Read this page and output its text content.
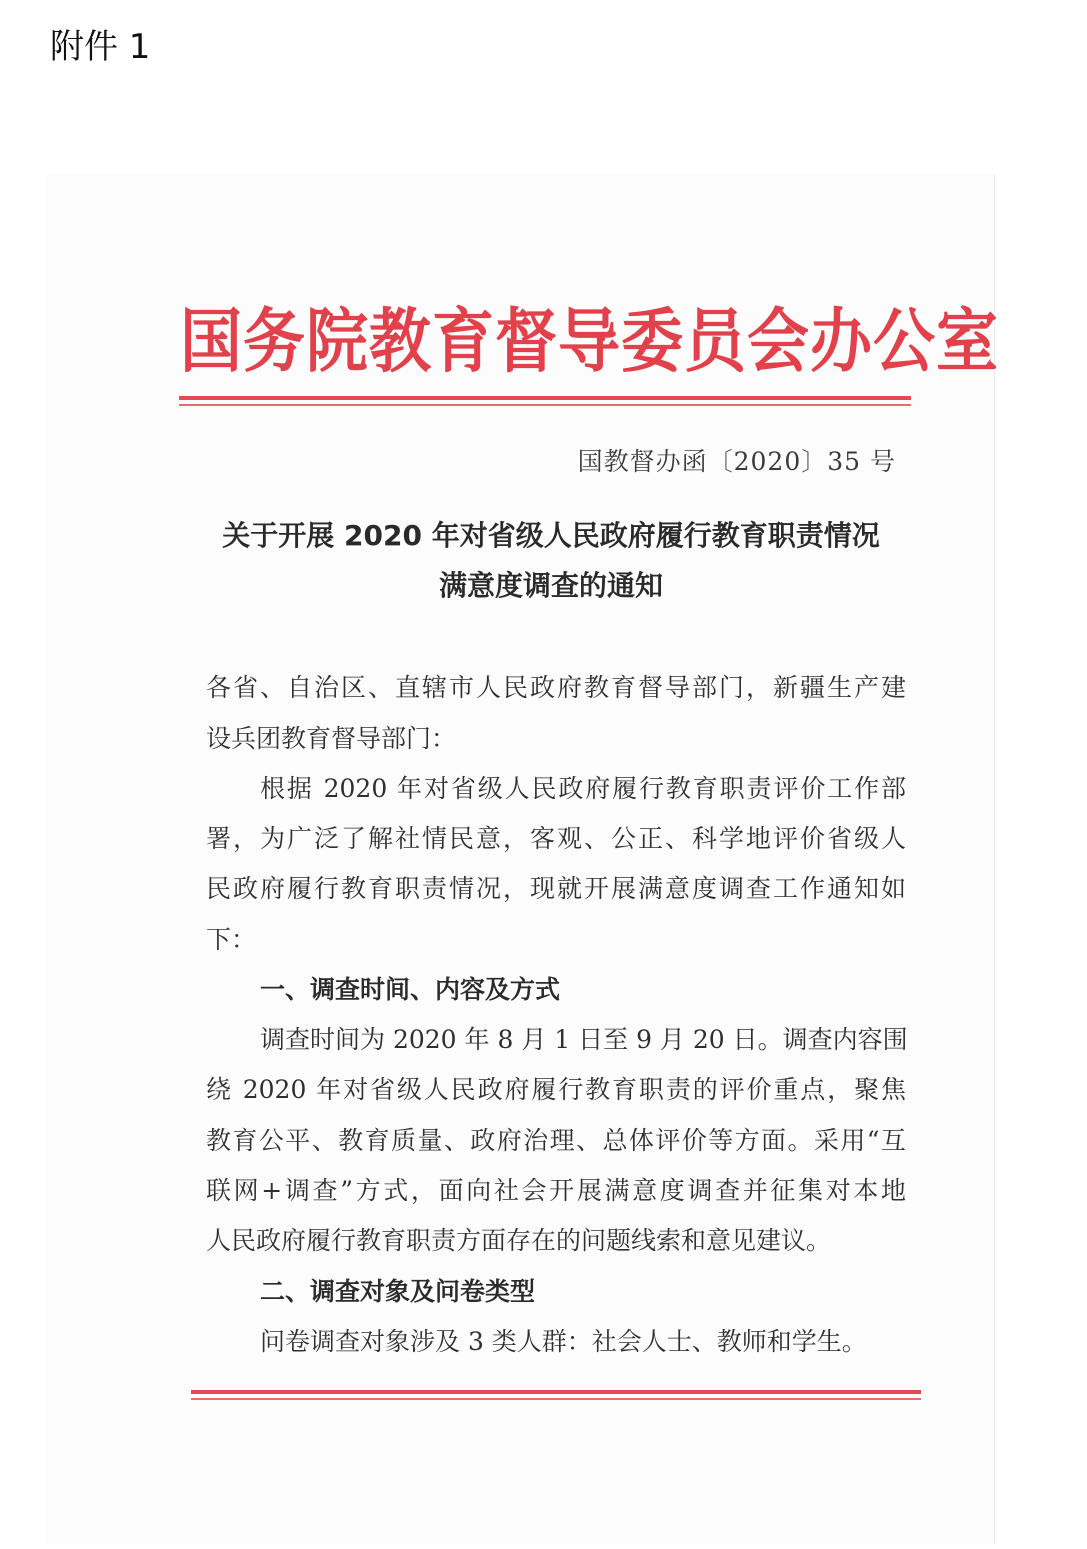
附件 1
国务院教育督导委员会办公室
国教督办函〔2020〕35 号
关于开展 2020 年对省级人民政府履行教育职责情况
满意度调查的通知
各省、自治区、直辖市人民政府教育督导部门，新疆生产建
设兵团教育督导部门：
根据 2020 年对省级人民政府履行教育职责评价工作部
署，为广泛了解社情民意，客观、公正、科学地评价省级人
民政府履行教育职责情况，现就开展满意度调查工作通知如
下：
一、调查时间、内容及方式
调查时间为 2020 年 8 月 1 日至 9 月 20 日。调查内容围
绕 2020 年对省级人民政府履行教育职责的评价重点，聚焦
教育公平、教育质量、政府治理、总体评价等方面。采用“互
联网+调查”方式，面向社会开展满意度调查并征集对本地
人民政府履行教育职责方面存在的问题线索和意见建议。
二、调查对象及问卷类型
问卷调查对象涉及 3 类人群：社会人士、教师和学生。
